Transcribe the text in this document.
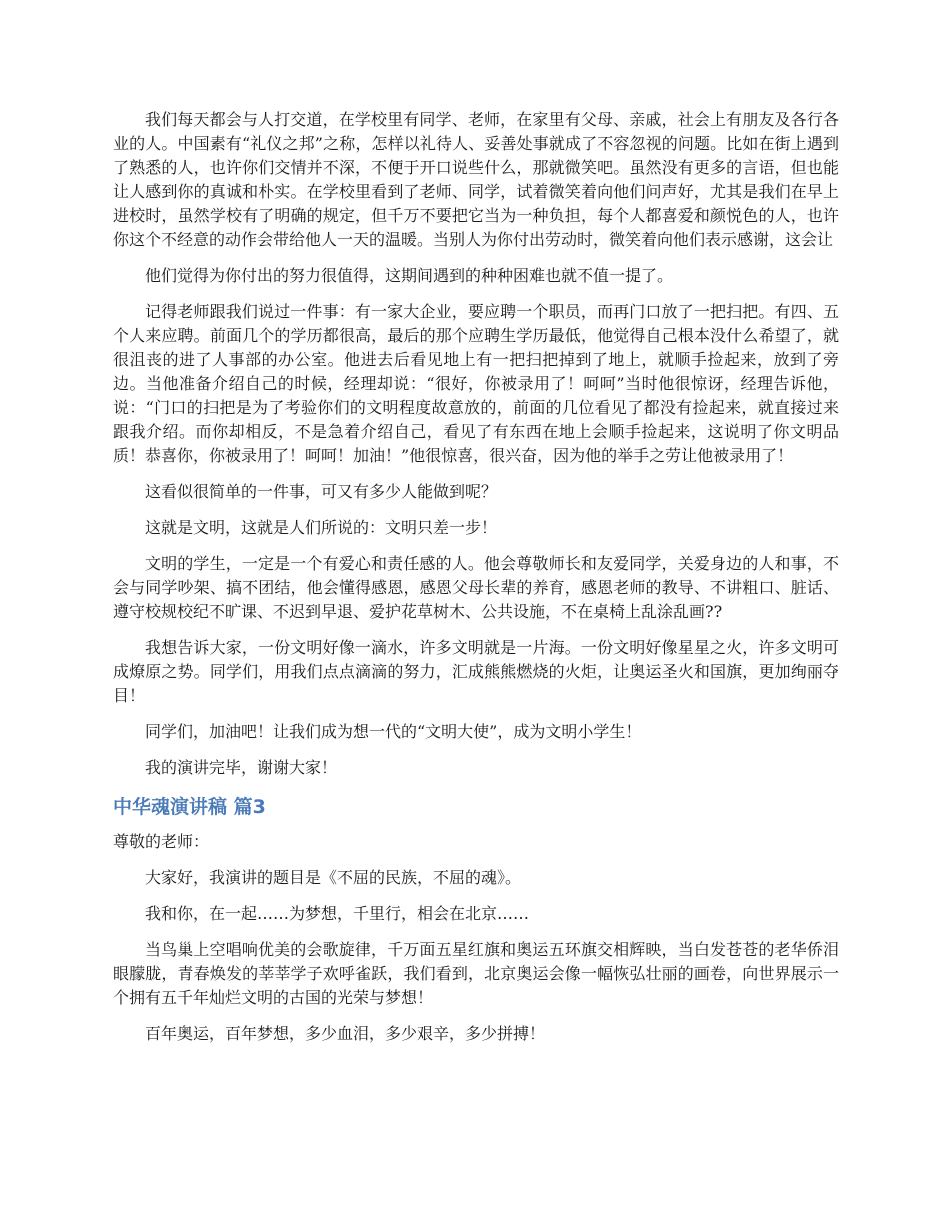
我们每天都会与人打交道，在学校里有同学、老师，在家里有父母、亲戚，社会上有朋友及各行各业的人。中国素有“礼仪之邦”之称，怎样以礼待人、妥善处事就成了不容忽视的问题。比如在街上遇到了熟悉的人，也许你们交情并不深，不便于开口说些什么，那就微笑吧。虽然没有更多的言语，但也能让人感到你的真诚和朴实。在学校里看到了老师、同学，试着微笑着向他们问声好，尤其是我们在早上进校时，虽然学校有了明确的规定，但千万不要把它当为一种负担，每个人都喜爱和颜悦色的人，也许你这个不经意的动作会带给他人一天的温暖。当别人为你付出劳动时，微笑着向他们表示感谢，这会让

他们觉得为你付出的努力很值得，这期间遇到的种种困难也就不值一提了。

记得老师跟我们说过一件事：有一家大企业，要应聘一个职员，而再门口放了一把扫把。有四、五个人来应聘。前面几个的学历都很高，最后的那个应聘生学历最低，他觉得自己根本没什么希望了，就很沮丧的进了人事部的办公室。他进去后看见地上有一把扫把掉到了地上，就顺手捡起来，放到了旁边。当他准备介绍自己的时候，经理却说：“很好，你被录用了！呵呵”当时他很惊讶，经理告诉他，说：“门口的扫把是为了考验你们的文明程度故意放的，前面的几位看见了都没有捡起来，就直接过来跟我介绍。而你却相反，不是急着介绍自己，看见了有东西在地上会顺手捡起来，这说明了你文明品质！恭喜你，你被录用了！呵呵！加油！”他很惊喜，很兴奋，因为他的举手之劳让他被录用了！

这看似很简单的一件事，可又有多少人能做到呢？

这就是文明，这就是人们所说的：文明只差一步！

文明的学生，一定是一个有爱心和责任感的人。他会尊敬师长和友爱同学，关爱身边的人和事，不会与同学吵架、搞不团结，他会懂得感恩，感恩父母长辈的养育，感恩老师的教导、不讲粗口、脏话、遵守校规校纪不旷课、不迟到早退、爱护花草树木、公共设施，不在桌椅上乱涂乱画??

我想告诉大家，一份文明好像一滴水，许多文明就是一片海。一份文明好像星星之火，许多文明可成燎原之势。同学们，用我们点点滴滴的努力，汇成熊熊燃烧的火炬，让奥运圣火和国旗，更加绚丽夺目！

同学们，加油吧！让我们成为想一代的“文明大使”，成为文明小学生！

我的演讲完毕，谢谢大家！

中华魂演讲稿 篇3

尊敬的老师：

大家好，我演讲的题目是《不屈的民族，不屈的魂》。

我和你，在一起……为梦想，千里行，相会在北京……

当鸟巢上空唱响优美的会歌旋律，千万面五星红旗和奥运五环旗交相辉映，当白发苍苍的老华侨泪眼朦胧，青春焕发的莘莘学子欢呼雀跃，我们看到，北京奥运会像一幅恢弘壮丽的画卷，向世界展示一个拥有五千年灿烂文明的古国的光荣与梦想！

百年奥运，百年梦想，多少血泪，多少艰辛，多少拼搏！
